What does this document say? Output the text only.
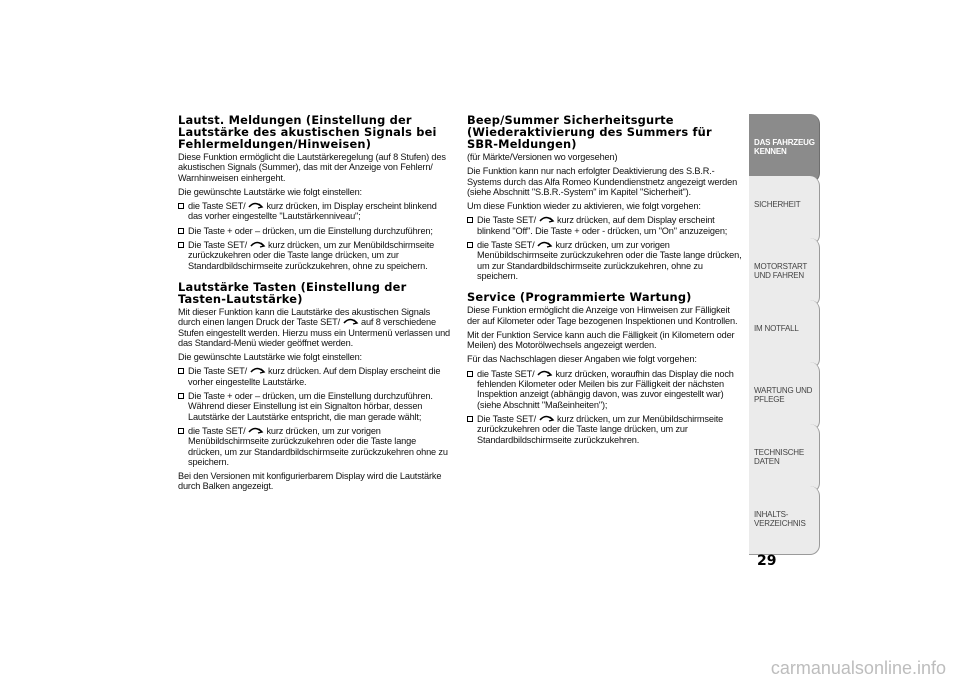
Lautst. Meldungen (Einstellung der Lautstärke des akustischen Signals bei Fehlermeldungen/Hinweisen)

Diese Funktion ermöglicht die Lautstärkeregelung (auf 8 Stufen) des akustischen Signals (Summer), das mit der Anzeige von Fehlern/ Warnhinweisen einhergeht.

Die gewünschte Lautstärke wie folgt einstellen:

die Taste SET/ kurz drücken, im Display erscheint blinkend das vorher eingestellte "Lautstärkenniveau";
Die Taste + oder – drücken, um die Einstellung durchzuführen;
Die Taste SET/ kurz drücken, um zur Menübildschirmseite zurückzukehren oder die Taste lange drücken, um zur Standardbildschirmseite zurückzukehren, ohne zu speichern.
Lautstärke Tasten (Einstellung der Tasten-Lautstärke)

Mit dieser Funktion kann die Lautstärke des akustischen Signals durch einen langen Druck der Taste SET/ auf 8 verschiedene Stufen eingestellt werden. Hierzu muss ein Untermenü verlassen und das Standard-Menü wieder geöffnet werden.

Die gewünschte Lautstärke wie folgt einstellen:

Die Taste SET/ kurz drücken. Auf dem Display erscheint die vorher eingestellte Lautstärke.
Die Taste + oder – drücken, um die Einstellung durchzuführen. Während dieser Einstellung ist ein Signalton hörbar, dessen Lautstärke der Lautstärke entspricht, die man gerade wählt;
die Taste SET/ kurz drücken, um zur vorigen Menübildschirmseite zurückzukehren oder die Taste lange drücken, um zur Standardbildschirmseite zurückzukehren ohne zu speichern.

Bei den Versionen mit konfigurierbarem Display wird die Lautstärke durch Balken angezeigt.

Beep/Summer Sicherheitsgurte (Wiederaktivierung des Summers für SBR-Meldungen)

(für Märkte/Versionen wo vorgesehen)

Die Funktion kann nur nach erfolgter Deaktivierung des S.B.R.-Systems durch das Alfa Romeo Kundendienstnetz angezeigt werden (siehe Abschnitt "S.B.R.-System" im Kapitel "Sicherheit").

Um diese Funktion wieder zu aktivieren, wie folgt vorgehen:

Die Taste SET/ kurz drücken, auf dem Display erscheint blinkend "Off". Die Taste + oder - drücken, um "On" anzuzeigen;
die Taste SET/ kurz drücken, um zur vorigen Menübildschirmseite zurückzukehren oder die Taste lange drücken, um zur Standardbildschirmseite zurückzukehren, ohne zu speichern.
Service (Programmierte Wartung)

Diese Funktion ermöglicht die Anzeige von Hinweisen zur Fälligkeit der auf Kilometer oder Tage bezogenen Inspektionen und Kontrollen.

Mit der Funktion Service kann auch die Fälligkeit (in Kilometern oder Meilen) des Motorölwechsels angezeigt werden.

Für das Nachschlagen dieser Angaben wie folgt vorgehen:

die Taste SET/ kurz drücken, woraufhin das Display die noch fehlenden Kilometer oder Meilen bis zur Fälligkeit der nächsten Inspektion anzeigt (abhängig davon, was zuvor eingestellt war) (siehe Abschnitt "Maßeinheiten");
Die Taste SET/ kurz drücken, um zur Menübildschirmseite zurückzukehren oder die Taste lange drücken, um zur Standardbildschirmseite zurückzukehren.
DAS FAHRZEUG KENNEN
SICHERHEIT
MOTORSTART UND FAHREN
IM NOTFALL
WARTUNG UND PFLEGE
TECHNISCHE DATEN
INHALTS-VERZEICHNIS
29
carmanualsonline.info
